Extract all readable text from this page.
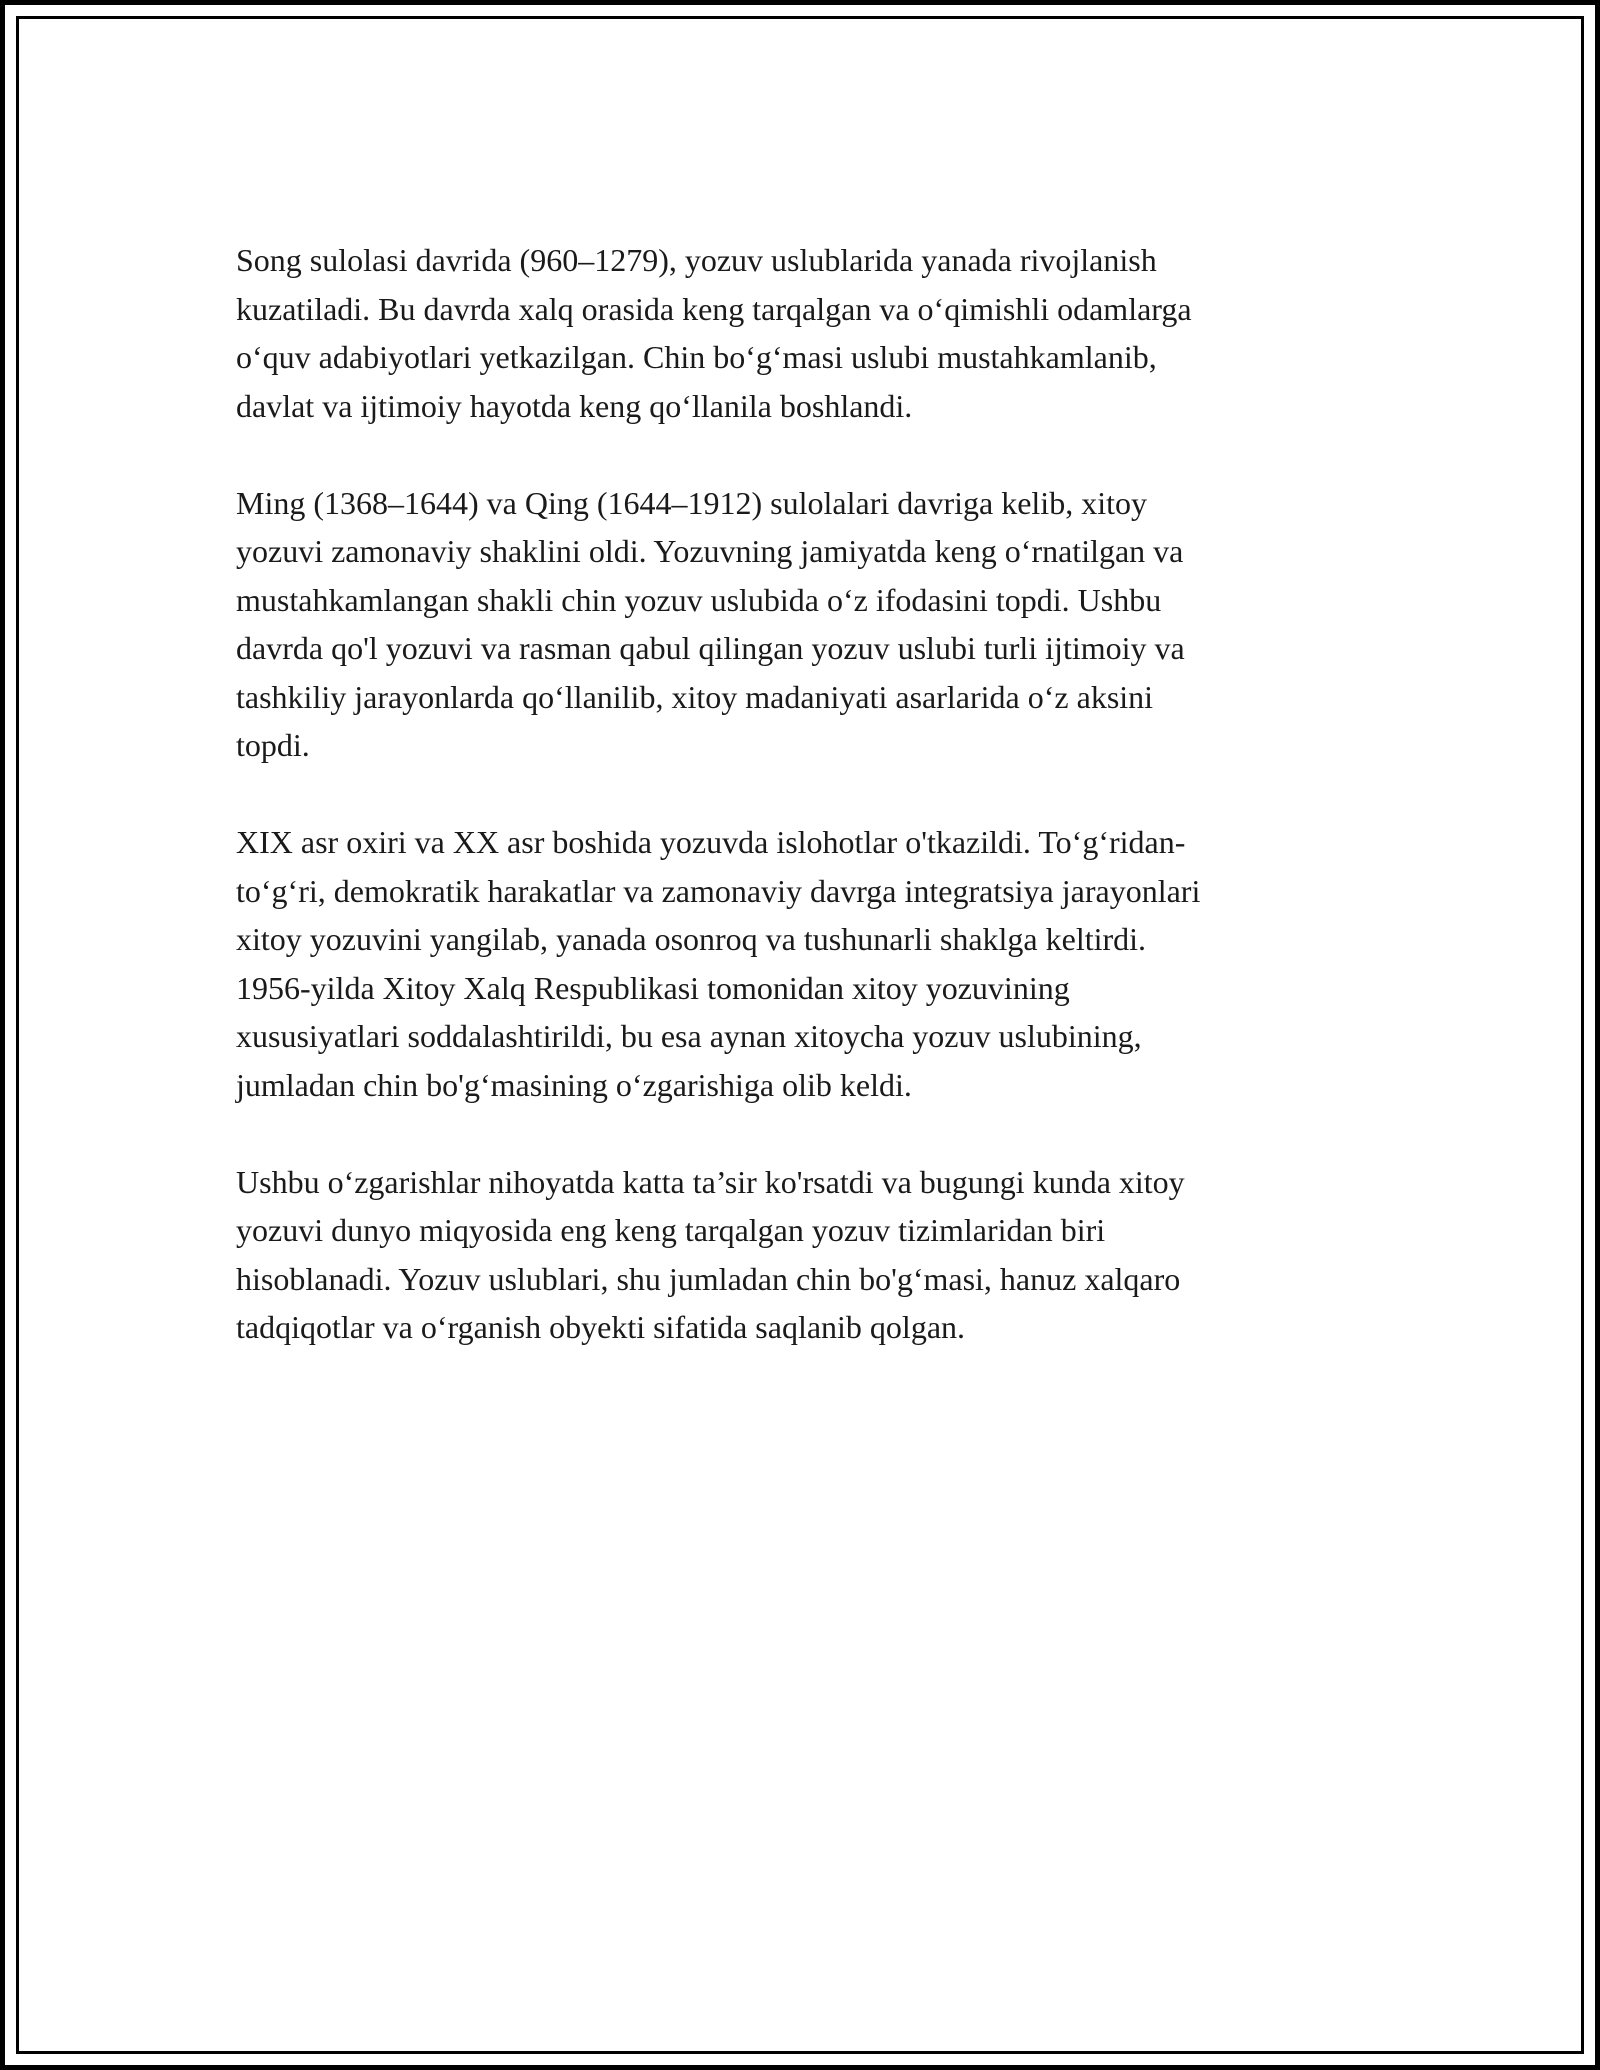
Song sulolasi davrida (960–1279), yozuv uslublarida yanada rivojlanish
kuzatiladi. Bu davrda xalq orasida keng tarqalgan va o‘qimishli odamlarga
o‘quv adabiyotlari yetkazilgan. Chin bo‘g‘masi uslubi mustahkamlanib,
davlat va ijtimoiy hayotda keng qo‘llanila boshlandi.

Ming (1368–1644) va Qing (1644–1912) sulolalari davriga kelib, xitoy
yozuvi zamonaviy shaklini oldi. Yozuvning jamiyatda keng o‘rnatilgan va
mustahkamlangan shakli chin yozuv uslubida o‘z ifodasini topdi. Ushbu
davrda qo'l yozuvi va rasman qabul qilingan yozuv uslubi turli ijtimoiy va
tashkiliy jarayonlarda qo‘llanilib, xitoy madaniyati asarlarida o‘z aksini
topdi.

XIX asr oxiri va XX asr boshida yozuvda islohotlar o'tkazildi. To‘g‘ridan-
to‘g‘ri, demokratik harakatlar va zamonaviy davrga integratsiya jarayonlari
xitoy yozuvini yangilab, yanada osonroq va tushunarli shaklga keltirdi.
1956-yilda Xitoy Xalq Respublikasi tomonidan xitoy yozuvining
xususiyatlari soddalashtirildi, bu esa aynan xitoycha yozuv uslubining,
jumladan chin bo'g‘masining o‘zgarishiga olib keldi.

Ushbu o‘zgarishlar nihoyatda katta ta’sir ko'rsatdi va bugungi kunda xitoy
yozuvi dunyo miqyosida eng keng tarqalgan yozuv tizimlaridan biri
hisoblanadi. Yozuv uslublari, shu jumladan chin bo'g‘masi, hanuz xalqaro
tadqiqotlar va o‘rganish obyekti sifatida saqlanib qolgan.
